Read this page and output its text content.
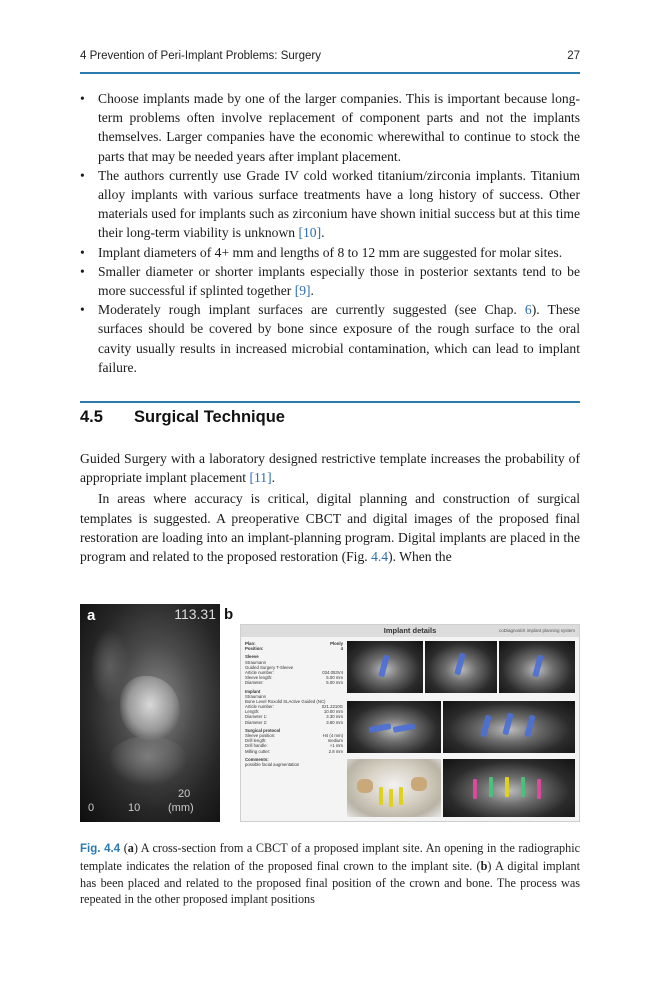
4 Prevention of Peri-Implant Problems: Surgery	27
• Choose implants made by one of the larger companies. This is important because long-term problems often involve replacement of component parts and not the implants themselves. Larger companies have the economic wherewithal to continue to stock the parts that may be needed years after implant placement.
• The authors currently use Grade IV cold worked titanium/zirconia implants. Titanium alloy implants with various surface treatments have a long history of success. Other materials used for implants such as zirconium have shown initial success but at this time their long-term viability is unknown [10].
• Implant diameters of 4+ mm and lengths of 8 to 12 mm are suggested for molar sites.
• Smaller diameter or shorter implants especially those in posterior sextants tend to be more successful if splinted together [9].
• Moderately rough implant surfaces are currently suggested (see Chap. 6). These surfaces should be covered by bone since exposure of the rough surface to the oral cavity usually results in increased microbial contamination, which can lead to implant failure.
4.5 Surgical Technique

Guided Surgery with a laboratory designed restrictive template increases the probability of appropriate implant placement [11].

In areas where accuracy is critical, digital planning and construction of surgical templates is suggested. A preoperative CBCT and digital images of the proposed final restoration are loading into an implant-planning program. Digital implants are placed in the program and related to the proposed restoration (Fig. 4.4). When the

a	113.31
20
0	10	(mm)
b
Implant details	coDiagnostiX implant planning system
Plan:	Plonly
Position:	4
Sleeve
Straumann
Guided Surgery T-Sleeve
Article number:	034.053V4
Sleeve length:	5.00 mm
Diameter:	5.00 mm
Implant
Straumann
Bone Level Roxolid SLActive Guided (NC)
Article number:	021.2210G
Length:	10.00 mm
Diameter 1:	3.30 mm
Diameter 2:	3.80 mm
Surgical protocol
Sleeve position:	H4 (4 mm)
Drill length:	medium
Drill handle:	+1 mm
Milling cutter:	2.8 mm
Comments:
possible facial augmentation
Fig. 4.4 (a) A cross-section from a CBCT of a proposed implant site. An opening in the radiographic template indicates the relation of the proposed final crown to the implant site. (b) A digital implant has been placed and related to the proposed final position of the crown and bone. The process was repeated in the other proposed implant positions
